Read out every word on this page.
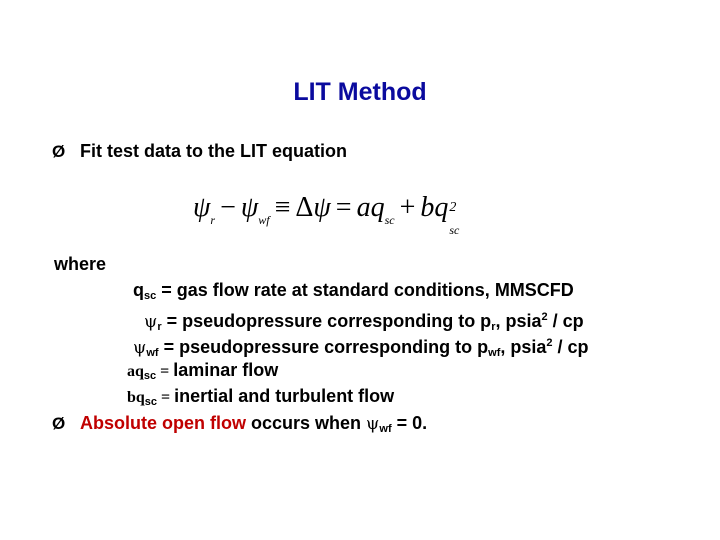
LIT Method
Ø Fit test data to the LIT equation
$\psi_r - \psi_{wf} \equiv \Delta\psi = aq_{sc}$ + bq 2
sc
where
$q_{sc}$ = gas flow rate at standard conditions, MMSCFD
$\psi_r$ = pseudopressure corresponding to $p_r$, psia$^2$ / cp
$\psi_{wf}$ = pseudopressure corresponding to $p_{wf}$, psia$^2$ / cp
$aq_{sc}$ = laminar flow
$bq_{sc}$ = inertial and turbulent flow
Ø Absolute open flow occurs when $\psi_{wf} = 0$.
